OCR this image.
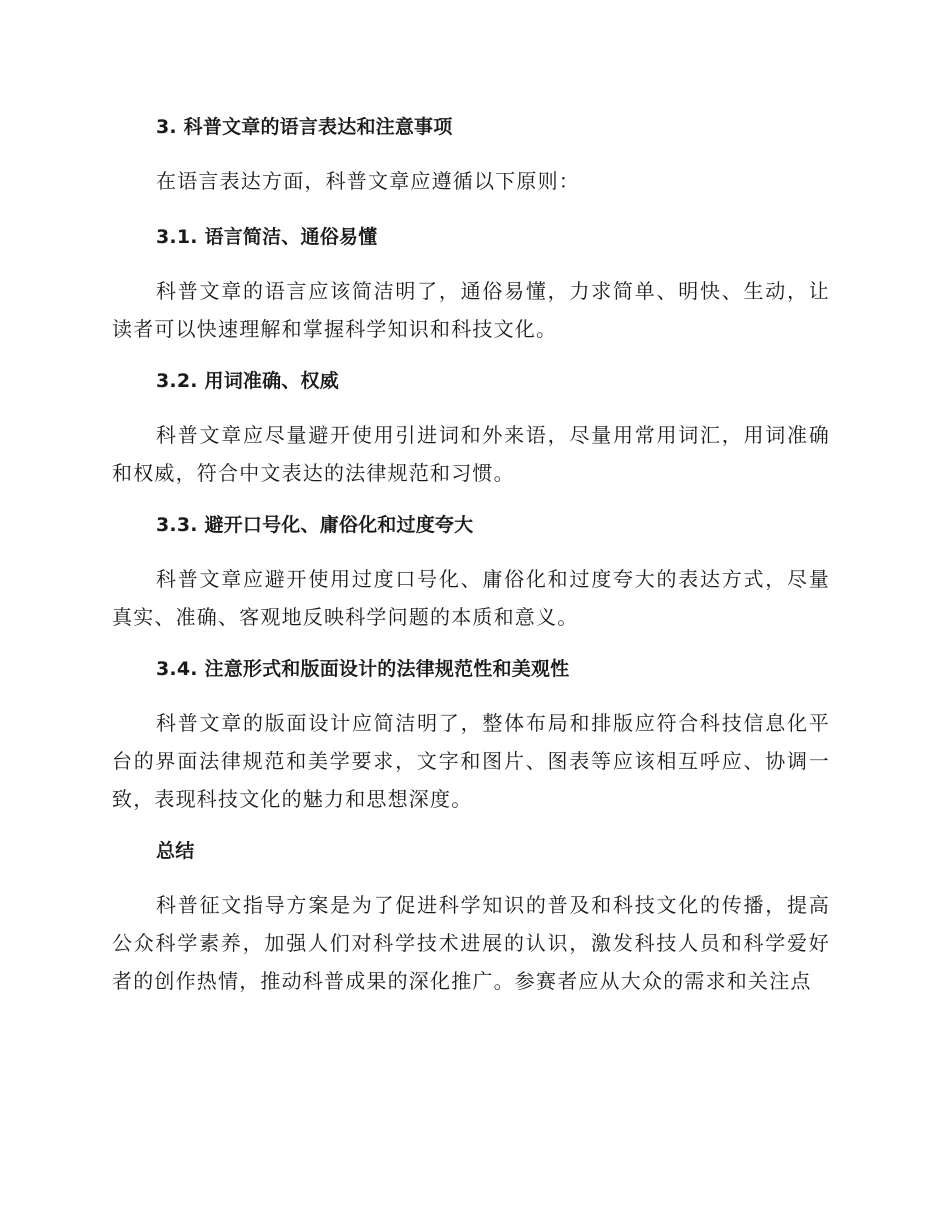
3. 科普文章的语言表达和注意事项
在语言表达方面，科普文章应遵循以下原则：
3.1. 语言简洁、通俗易懂
科普文章的语言应该简洁明了，通俗易懂，力求简单、明快、生动，让读者可以快速理解和掌握科学知识和科技文化。
3.2. 用词准确、权威
科普文章应尽量避开使用引进词和外来语，尽量用常用词汇，用词准确和权威，符合中文表达的法律规范和习惯。
3.3. 避开口号化、庸俗化和过度夸大
科普文章应避开使用过度口号化、庸俗化和过度夸大的表达方式，尽量真实、准确、客观地反映科学问题的本质和意义。
3.4. 注意形式和版面设计的法律规范性和美观性
科普文章的版面设计应简洁明了，整体布局和排版应符合科技信息化平台的界面法律规范和美学要求，文字和图片、图表等应该相互呼应、协调一致，表现科技文化的魅力和思想深度。
总结
科普征文指导方案是为了促进科学知识的普及和科技文化的传播，提高公众科学素养，加强人们对科学技术进展的认识，激发科技人员和科学爱好者的创作热情，推动科普成果的深化推广。参赛者应从大众的需求和关注点
